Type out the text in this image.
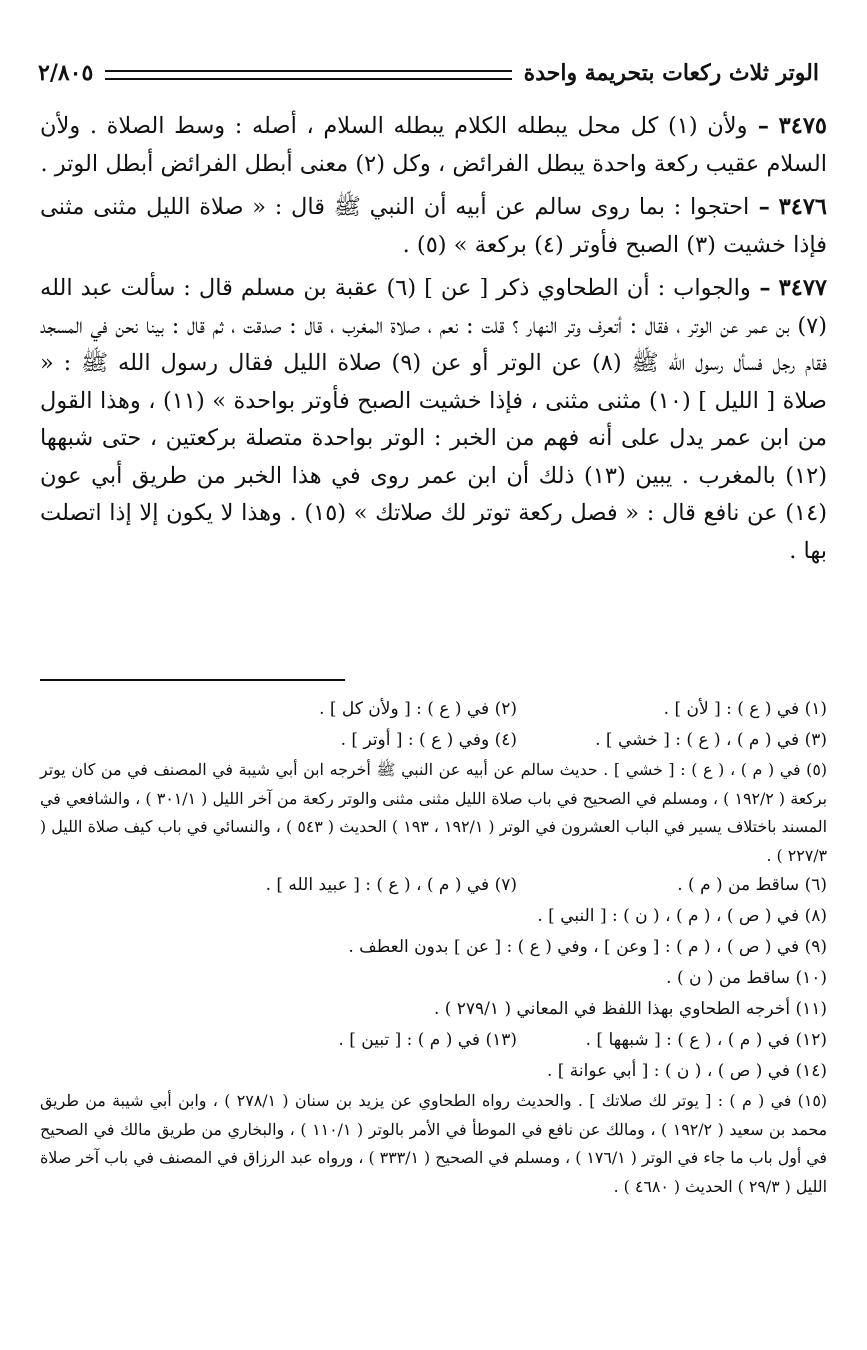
الوتر ثلاث ركعات بتحريمة واحدة
٢/٨٠٥

٣٤٧٥ – ولأن (١) كل محل يبطله الكلام يبطله السلام ، أصله : وسط الصلاة . ولأن السلام عقيب ركعة واحدة يبطل الفرائض ، وكل (٢) معنى أبطل الفرائض أبطل الوتر .

٣٤٧٦ – احتجوا : بما روى سالم عن أبيه أن النبي ﷺ قال : « صلاة الليل مثنى مثنى فإذا خشيت (٣) الصبح فأوتر (٤) بركعة » (٥) .

٣٤٧٧ – والجواب : أن الطحاوي ذكر [ عن ] (٦) عقبة بن مسلم قال : سألت عبد الله (٧) بن عمر عن الوتر ، فقال : أتعرف وتر النهار ؟ قلت : نعم ، صلاة المغرب ، قال : صدقت ، ثم قال : بينا نحن في المسجد فقام رجل فسأل رسول الله ﷺ (٨) عن الوتر أو عن (٩) صلاة الليل فقال رسول الله ﷺ : « صلاة [ الليل ] (١٠) مثنى مثنى ، فإذا خشيت الصبح فأوتر بواحدة » (١١) ، وهذا القول من ابن عمر يدل على أنه فهم من الخبر : الوتر بواحدة متصلة بركعتين ، حتى شبهها (١٢) بالمغرب . يبين (١٣) ذلك أن ابن عمر روى في هذا الخبر من طريق أبي عون (١٤) عن نافع قال : « فصل ركعة توتر لك صلاتك » (١٥) . وهذا لا يكون إلا إذا اتصلت بها .

(١) في ( ع ) : [ لأن ] .
(٢) في ( ع ) : [ ولأن كل ] .
(٣) في ( م ) ، ( ع ) : [ خشي ] .
(٤) وفي ( ع ) : [ أوتر ] .

(٥) في ( م ) ، ( ع ) : [ خشي ] . حديث سالم عن أبيه عن النبي ﷺ أخرجه ابن أبي شيبة في المصنف في من كان يوتر بركعة ( ١٩٢/٢ ) ، ومسلم في الصحيح في باب صلاة الليل مثنى مثنى والوتر ركعة من آخر الليل ( ٣٠١/١ ) ، والشافعي في المسند باختلاف يسير في الباب العشرون في الوتر ( ١٩٢/١ ، ١٩٣ ) الحديث ( ٥٤٣ ) ، والنسائي في باب كيف صلاة الليل ( ٢٢٧/٣ ) .

(٦) ساقط من ( م ) .
(٧) في ( م ) ، ( ع ) : [ عبيد الله ] .

(٨) في ( ص ) ، ( م ) ، ( ن ) : [ النبي ] .

(٩) في ( ص ) ، ( م ) : [ وعن ] ، وفي ( ع ) : [ عن ] بدون العطف .

(١٠) ساقط من ( ن ) .

(١١) أخرجه الطحاوي بهذا اللفظ في المعاني ( ٢٧٩/١ ) .

(١٢) في ( م ) ، ( ع ) : [ شبهها ] .
(١٣) في ( م ) : [ تبين ] .

(١٤) في ( ص ) ، ( ن ) : [ أبي عوانة ] .

(١٥) في ( م ) : [ يوتر لك صلاتك ] . والحديث رواه الطحاوي عن يزيد بن سنان ( ٢٧٨/١ ) ، وابن أبي شيبة من طريق محمد بن سعيد ( ١٩٢/٢ ) ، ومالك عن نافع في الموطأ في الأمر بالوتر ( ١١٠/١ ) ، والبخاري من طريق مالك في الصحيح في أول باب ما جاء في الوتر ( ١٧٦/١ ) ، ومسلم في الصحيح ( ٣٣٣/١ ) ، ورواه عبد الرزاق في المصنف في باب آخر صلاة الليل ( ٢٩/٣ ) الحديث ( ٤٦٨٠ ) .
